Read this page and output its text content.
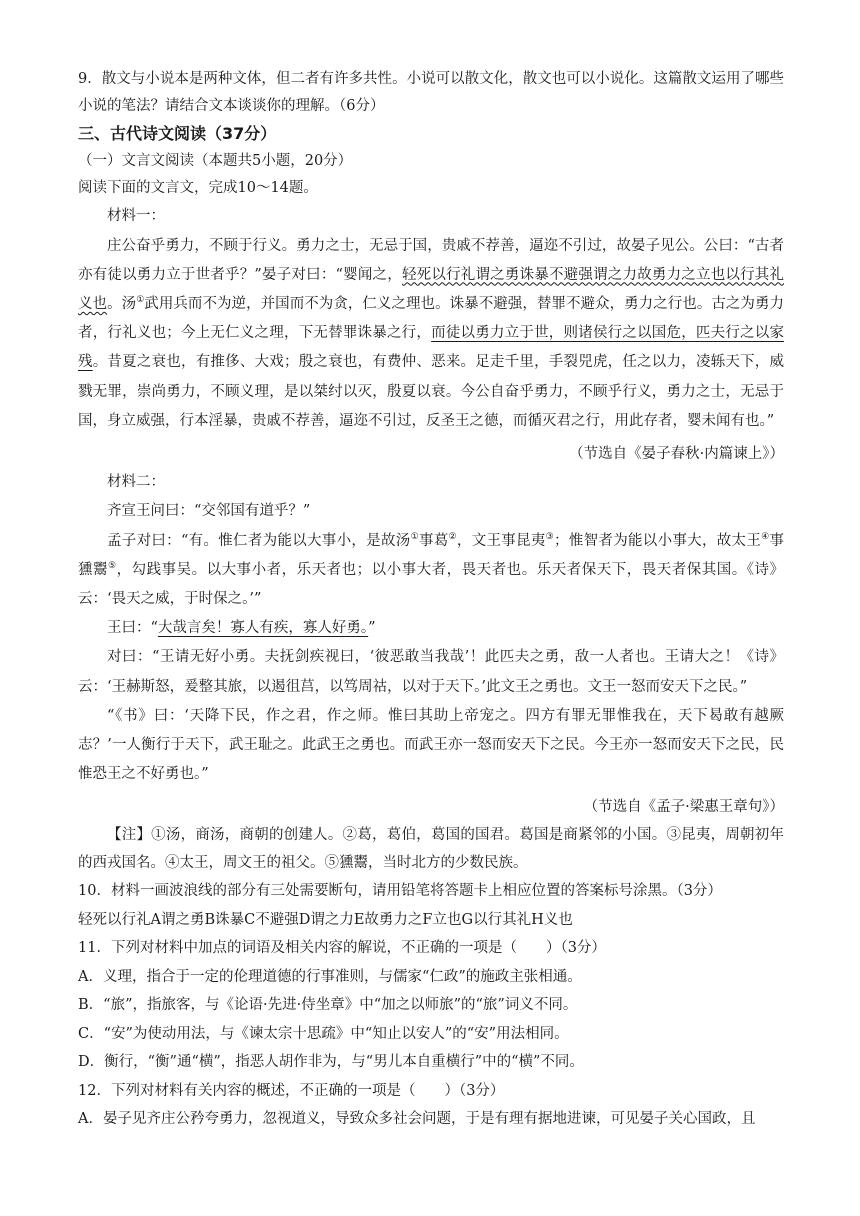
9．散文与小说本是两种文体，但二者有许多共性。小说可以散文化，散文也可以小说化。这篇散文运用了哪些小说的笔法？请结合文本谈谈你的理解。（6分）

三、古代诗文阅读（37分）

（一）文言文阅读（本题共5小题，20分）

阅读下面的文言文，完成10～14题。

材料一：

庄公奋乎勇力，不顾于行义。勇力之士，无忌于国，贵戚不荐善，逼迩不引过，故晏子见公。公曰：“古者亦有徒以勇力立于世者乎？”晏子对曰：“婴闻之，轻死以行礼谓之勇诛暴不避强谓之力故勇力之立也以行其礼义也。汤①武用兵而不为逆，并国而不为贪，仁义之理也。诛暴不避强，替罪不避众，勇力之行也。古之为勇力者，行礼义也；今上无仁义之理，下无替罪诛暴之行，而徒以勇力立于世，则诸侯行之以国危，匹夫行之以家残。昔夏之衰也，有推侈、大戏；殷之衰也，有费仲、恶来。足走千里，手裂兕虎，任之以力，凌轹天下，威戮无罪，崇尚勇力，不顾义理，是以桀纣以灭，殷夏以衰。今公自奋乎勇力，不顾乎行义，勇力之士，无忌于国，身立威强，行本淫暴，贵戚不荐善，逼迩不引过，反圣王之德，而循灭君之行，用此存者，婴未闻有也。”

（节选自《晏子春秋·内篇谏上》）

材料二：

齐宣王问曰：“交邻国有道乎？”

孟子对曰：“有。惟仁者为能以大事小，是故汤①事葛②，文王事昆夷③；惟智者为能以小事大，故太王④事獯鬻⑤，勾践事吴。以大事小者，乐天者也；以小事大者，畏天者也。乐天者保天下，畏天者保其国。《诗》云：‘畏天之威，于时保之。’”

王曰：“大哉言矣！寡人有疾，寡人好勇。”

对曰：“王请无好小勇。夫抚剑疾视曰，‘彼恶敢当我哉’！此匹夫之勇，敌一人者也。王请大之！《诗》云：‘王赫斯怒，爰整其旅，以遏徂莒，以笃周祜，以对于天下。’此文王之勇也。文王一怒而安天下之民。”

“《书》曰：‘天降下民，作之君，作之师。惟曰其助上帝宠之。四方有罪无罪惟我在，天下曷敢有越厥志？’一人衡行于天下，武王耻之。此武王之勇也。而武王亦一怒而安天下之民。今王亦一怒而安天下之民，民惟恐王之不好勇也。”

（节选自《孟子·梁惠王章句》）

【注】①汤，商汤，商朝的创建人。②葛，葛伯，葛国的国君。葛国是商紧邻的小国。③昆夷，周朝初年的西戎国名。④太王，周文王的祖父。⑤獯鬻，当时北方的少数民族。

10．材料一画波浪线的部分有三处需要断句，请用铅笔将答题卡上相应位置的答案标号涂黑。（3分）

轻死以行礼A谓之勇B诛暴C不避强D谓之力E故勇力之F立也G以行其礼H义也

11．下列对材料中加点的词语及相关内容的解说，不正确的一项是（　　）（3分）

A．义理，指合于一定的伦理道德的行事准则，与儒家“仁政”的施政主张相通。

B．“旅”，指旅客，与《论语·先进·侍坐章》中“加之以师旅”的“旅”词义不同。

C．“安”为使动用法，与《谏太宗十思疏》中“知止以安人”的“安”用法相同。

D．衡行，“衡”通“横”，指恶人胡作非为，与“男儿本自重横行”中的“横”不同。

12．下列对材料有关内容的概述，不正确的一项是（　　）（3分）

A．晏子见齐庄公矜夸勇力，忽视道义，导致众多社会问题，于是有理有据地进谏，可见晏子关心国政，且
